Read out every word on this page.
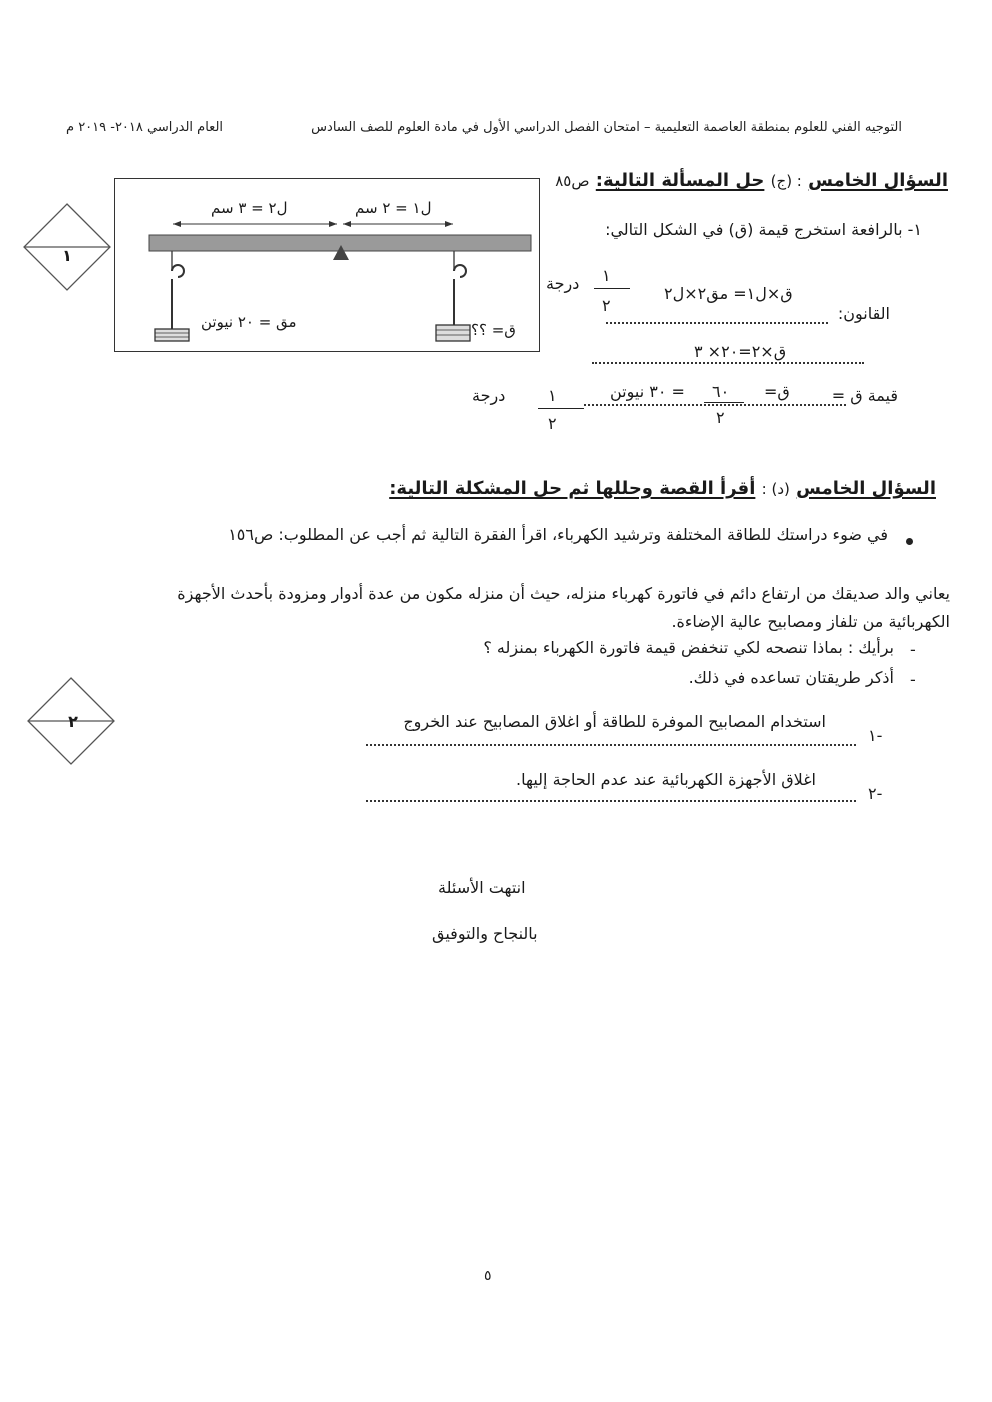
التوجيه الفني للعلوم بمنطقة العاصمة التعليمية – امتحان الفصل الدراسي الأول في مادة العلوم للصف السادس
العام الدراسي ٢٠١٨- ٢٠١٩ م
السؤال الخامس : (ج) حل المسألة التالية: ص٨٥
١
ل٢ = ٣ سم	ل١ = ٢ سم
مق = ٢٠ نيوتن	ق= ؟؟
١- بالرافعة استخرج قيمة (ق) في الشكل التالي:
ق×ل١= مق٢×ل٢
١
٢
درجة
القانون:
ق×٢=٢٠× ٣
قيمة ق =
= ٣٠ نيوتن ٦٠
٢
ق=
١
٢
درجة
السؤال الخامس (د) : أقرأ القصة وحللها ثم حل المشكلة التالية:
في ضوء دراستك للطاقة المختلفة وترشيد الكهرباء، اقرأ الفقرة التالية ثم أجب عن المطلوب: ص١٥٦
يعاني والد صديقك من ارتفاع دائم في فاتورة كهرباء منزله، حيث أن منزله مكون من عدة أدوار ومزودة بأحدث الأجهزة
الكهربائية من تلفاز ومصابيح عالية الإضاءة.
-
برأيك : بماذا تنصحه لكي تنخفض قيمة فاتورة الكهرباء بمنزله ؟
-
أذكر طريقتان تساعده في ذلك.
٢
١-
استخدام المصابيح الموفرة للطاقة أو اغلاق المصابيح عند الخروج
٢-
اغلاق الأجهزة الكهربائية عند عدم الحاجة إليها.
انتهت الأسئلة
بالنجاح والتوفيق
٥
